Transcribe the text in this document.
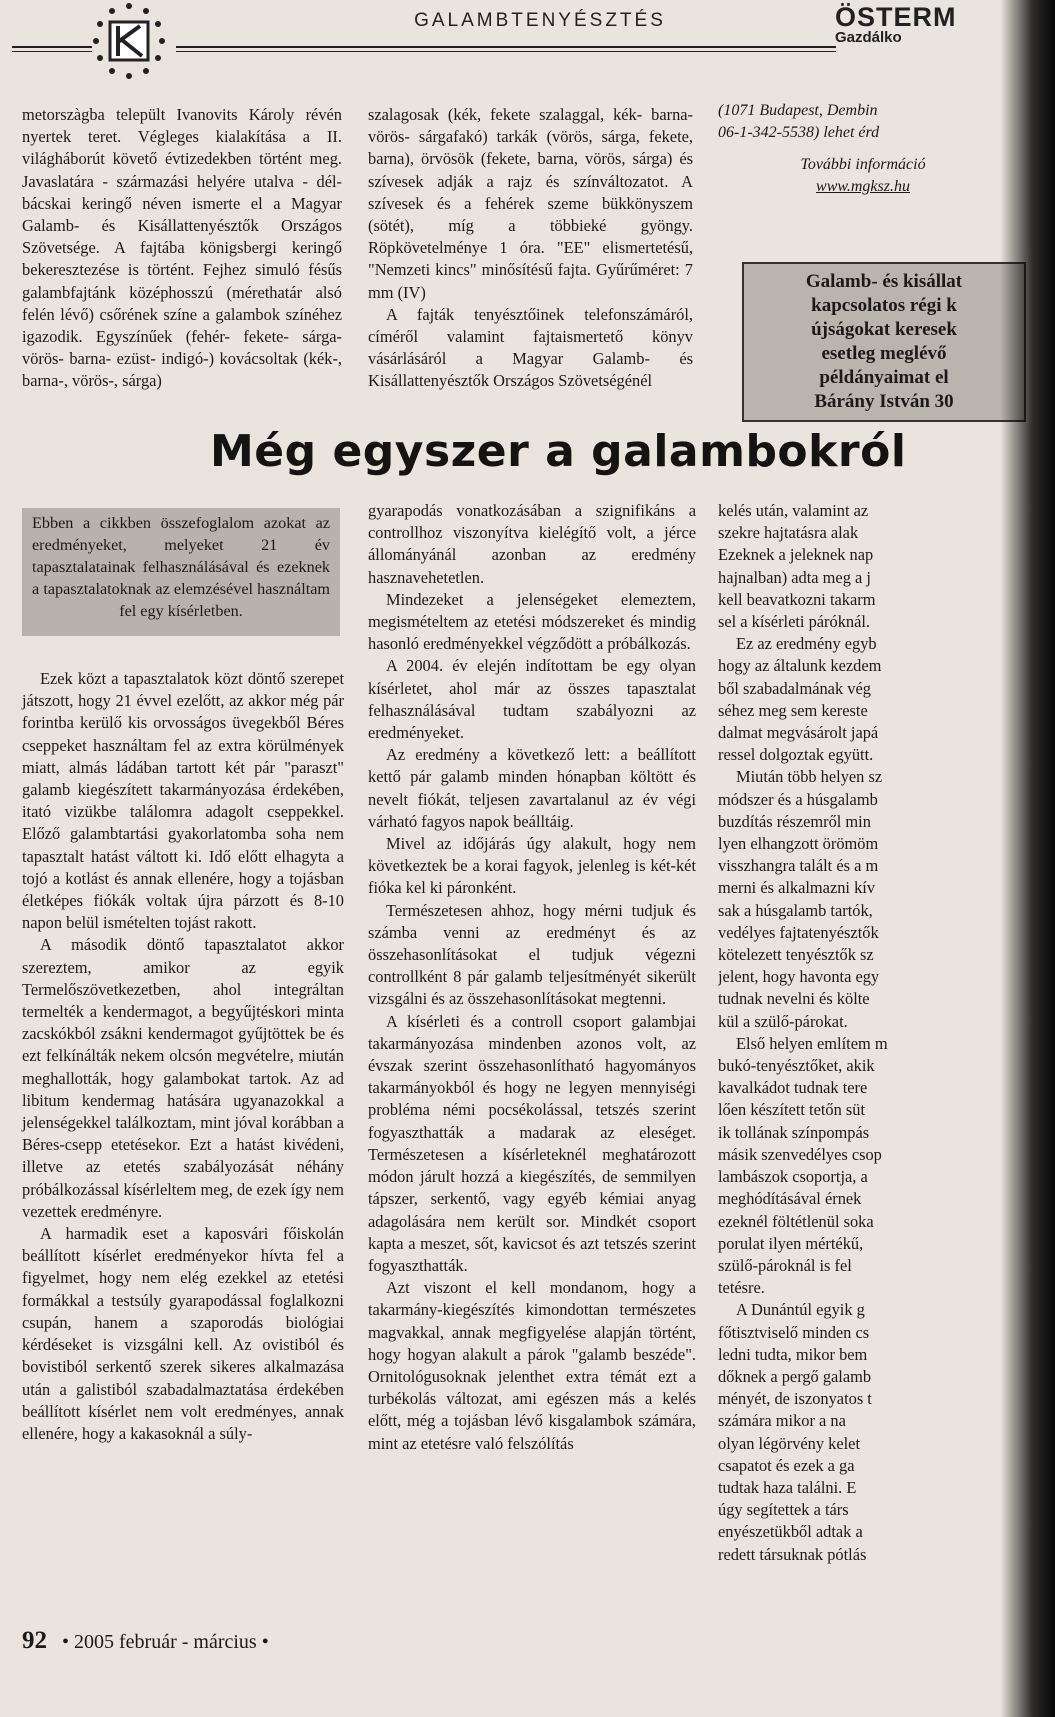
GALAMBTENYÉSZTÉS	ÖSTERM
Gazdálko

metorszàgba települt Ivanovits Károly révén nyertek teret. Végleges kialakítása a II. világháborút követő évtizedekben történt meg. Javaslatára - származási helyére utalva - dél-bácskai keringő néven ismerte el a Magyar Galamb- és Kisállattenyésztők Országos Szövetsége. A fajtába königsbergi keringő bekeresztezése is történt. Fejhez simuló fésűs galambfajtánk középhosszú (mérethatár alsó felén lévő) csőrének színe a galambok színéhez igazodik. Egyszínűek (fehér- fekete- sárga- vörös- barna- ezüst- indigó-) kovácsoltak (kék-, barna-, vörös-, sárga)

szalagosak (kék, fekete szalaggal, kék- barna- vörös- sárgafakó) tarkák (vörös, sárga, fekete, barna), örvösök (fekete, barna, vörös, sárga) és szívesek adják a rajz és színváltozatot. A szívesek és a fehérek szeme bükkönyszem (sötét), míg a többieké gyöngy. Röpkövetelménye 1 óra. "EE" elismertetésű, "Nemzeti kincs" minősítésű fajta. Gyűrűméret: 7 mm (IV)

A fajták tenyésztőinek telefonszámáról, címéről valamint fajtaismertető könyv vásárlásáról a Magyar Galamb- és Kisállattenyésztők Országos Szövetségénél

(1071 Budapest, Dembin

06-1-342-5538) lehet érd

További információ

www.mgksz.hu

Galamb- és kisállat
kapcsolatos régi k
újságokat keresek
esetleg meglévő
példányaimat el
Bárány István 30
Még egyszer a galambokról
Ebben a cikkben összefoglalom azokat az eredményeket, melyeket 21 év tapasztalatainak felhasználásával és ezeknek a tapasztalatoknak az elemzésével használtam fel egy kísérletben.

Ezek közt a tapasztalatok közt döntő szerepet játszott, hogy 21 évvel ezelőtt, az akkor még pár forintba kerülő kis orvosságos üvegekből Béres cseppeket használtam fel az extra körülmények miatt, almás ládában tartott két pár "paraszt" galamb kiegészített takarmányozása érdekében, itató vizükbe találomra adagolt cseppekkel. Előző galambtartási gyakorlatomba soha nem tapasztalt hatást váltott ki. Idő előtt elhagyta a tojó a kotlást és annak ellenére, hogy a tojásban életképes fiókák voltak újra párzott és 8-10 napon belül ismételten tojást rakott.

A második döntő tapasztalatot akkor szereztem, amikor az egyik Termelőszövetkezetben, ahol integráltan termelték a kendermagot, a begyűjtéskori minta zacskókból zsákni kendermagot gyűjtöttek be és ezt felkínálták nekem olcsón megvételre, miután meghallották, hogy galambokat tartok. Az ad libitum kendermag hatására ugyanazokkal a jelenségekkel találkoztam, mint jóval korábban a Béres-csepp etetésekor. Ezt a hatást kivédeni, illetve az etetés szabályozását néhány próbálkozással kísérleltem meg, de ezek így nem vezettek eredményre.

A harmadik eset a kaposvári főiskolán beállított kísérlet eredményekor hívta fel a figyelmet, hogy nem elég ezekkel az etetési formákkal a testsúly gyarapodással foglalkozni csupán, hanem a szaporodás biológiai kérdéseket is vizsgálni kell. Az ovistiból és bovistiból serkentő szerek sikeres alkalmazása után a galistiból szabadalmaztatása érdekében beállított kísérlet nem volt eredményes, annak ellenére, hogy a kakasoknál a súly-

gyarapodás vonatkozásában a szignifikáns a controllhoz viszonyítva kielégítő volt, a jérce állományánál azonban az eredmény hasznavehetetlen.

Mindezeket a jelenségeket elemeztem, megismételtem az etetési módszereket és mindig hasonló eredményekkel végződött a próbálkozás.

A 2004. év elején indítottam be egy olyan kísérletet, ahol már az összes tapasztalat felhasználásával tudtam szabályozni az eredményeket.

Az eredmény a következő lett: a beállított kettő pár galamb minden hónapban költött és nevelt fiókát, teljesen zavartalanul az év végi várható fagyos napok beálltáig.

Mivel az időjárás úgy alakult, hogy nem következtek be a korai fagyok, jelenleg is két-két fióka kel ki páronként.

Természetesen ahhoz, hogy mérni tudjuk és számba venni az eredményt és az összehasonlításokat el tudjuk végezni controllként 8 pár galamb teljesítményét sikerült vizsgálni és az összehasonlításokat megtenni.

A kísérleti és a controll csoport galambjai takarmányozása mindenben azonos volt, az évszak szerint összehasonlítható hagyományos takarmányokból és hogy ne legyen mennyiségi probléma némi pocsékolással, tetszés szerint fogyaszthatták a madarak az eleséget. Természetesen a kísérleteknél meghatározott módon járult hozzá a kiegészítés, de semmilyen tápszer, serkentő, vagy egyéb kémiai anyag adagolására nem került sor. Mindkét csoport kapta a meszet, sőt, kavicsot és azt tetszés szerint fogyaszthatták.

Azt viszont el kell mondanom, hogy a takarmány-kiegészítés kimondottan természetes magvakkal, annak megfigyelése alapján történt, hogy hogyan alakult a párok "galamb beszéde". Ornitológusoknak jelenthet extra témát ezt a turbékolás változat, ami egészen más a kelés előtt, még a tojásban lévő kisgalambok számára, mint az etetésre való felszólítás

kelés után, valamint az
szekre hajtatásra alak
Ezeknek a jeleknek nap
hajnalban) adta meg a j
kell beavatkozni takarm
sel a kísérleti páróknál.
Ez az eredmény egyb
hogy az általunk kezdem
ből szabadalmának vég
séhez meg sem kereste
dalmat megvásárolt japá
ressel dolgoztak együtt.
Miután több helyen sz
módszer és a húsgalamb
buzdítás részemről min
lyen elhangzott örömöm
visszhangra talált és a m
merni és alkalmazni kív
sak a húsgalamb tartók,
vedélyes fajtatenyésztők
kötelezett tenyésztők sz
jelent, hogy havonta egy
tudnak nevelni és költe
kül a szülő-párokat.
Első helyen említem m
bukó-tenyésztőket, akik
kavalkádot tudnak tere
lően készített tetőn süt
ik tollának színpompás
másik szenvedélyes csop
lambászok csoportja, a
meghódításával érnek
ezeknél föltétlenül soka
porulat ilyen mértékű,
szülő-pároknál is fel
tetésre.
A Dunántúl egyik g
főtisztviselő minden cs
ledni tudta, mikor bem
dőknek a pergő galamb
ményét, de iszonyatos t
számára mikor a na
olyan légörvény kelet
csapatot és ezek a ga
tudtak haza találni. E
úgy segítettek a társ
enyészetükből adtak a
redett társuknak pótlás
92 • 2005 február - március •
